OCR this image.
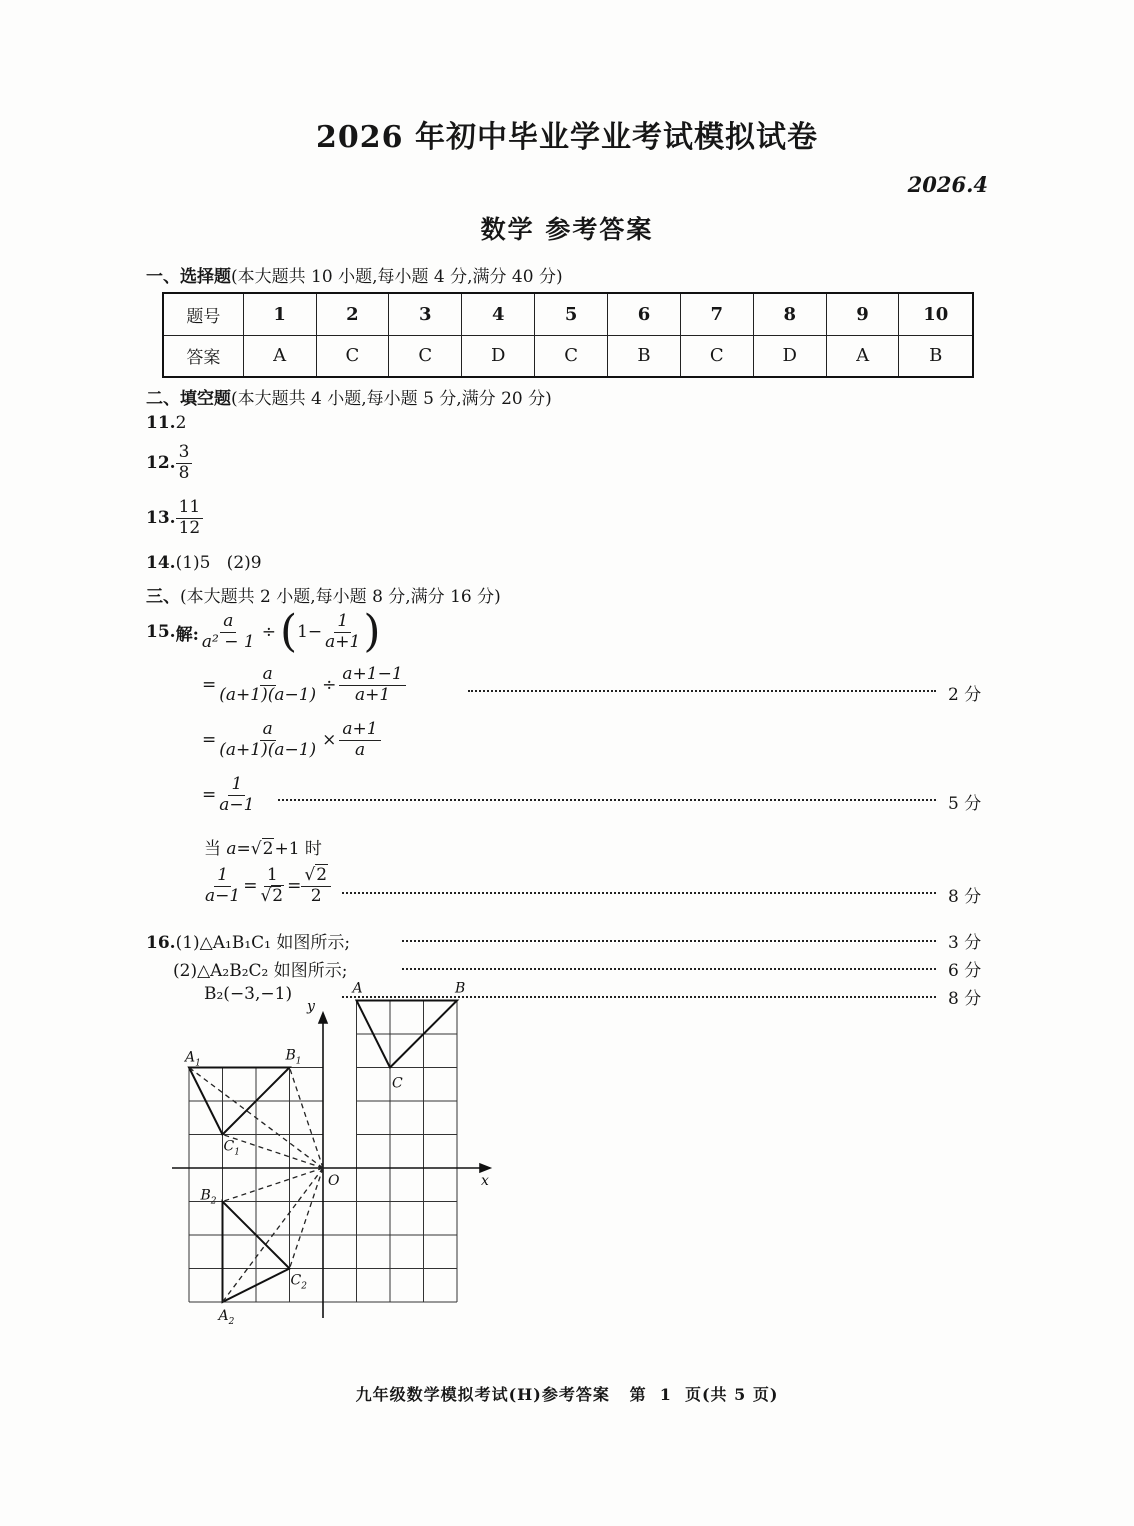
2026 年初中毕业学业考试模拟试卷
2026.4
数学 参考答案
一、选择题(本大题共 10 小题,每小题 4 分,满分 40 分)
题号	1	2	3	4	5	6	7	8	9	10
答案	A	C	C	D	C	B	C	D	A	B
二、填空题(本大题共 4 小题,每小题 5 分,满分 20 分)
11.2
12. $\frac{3}{8}$
13. $\frac{11}{12}$
14.(1)5   (2)9
三、(本大题共 2 小题,每小题 8 分,满分 16 分)
15. 解: $\frac{a}{\text{a² − 1}}$ ÷ ( $1- \frac{1}{a+1}$ )
= $\frac{a}{(a+1)(a-1)} \div \frac{a+1-1}{a+1}$	2 分
= $\frac{a}{(a+1)(a-1)} \times \frac{a+1}{a}$
= $\frac{1}{a-1}$	5 分
当 a=√2+1 时
$\frac{1}{a-1} = \frac{1}{√2} = \frac{√2}{2}$	8 分
16.(1)△A₁B₁C₁ 如图所示;	3 分
(2)△A₂B₂C₂ 如图所示;	6 分
B₂(−3,−1)	8 分
y
x
O
A	B
C
$A_1$	$B_1$
$C_1$
$B_2$
$C_2$
$A_2$
九年级数学模拟考试(H)参考答案   第  1  页(共 5 页)
